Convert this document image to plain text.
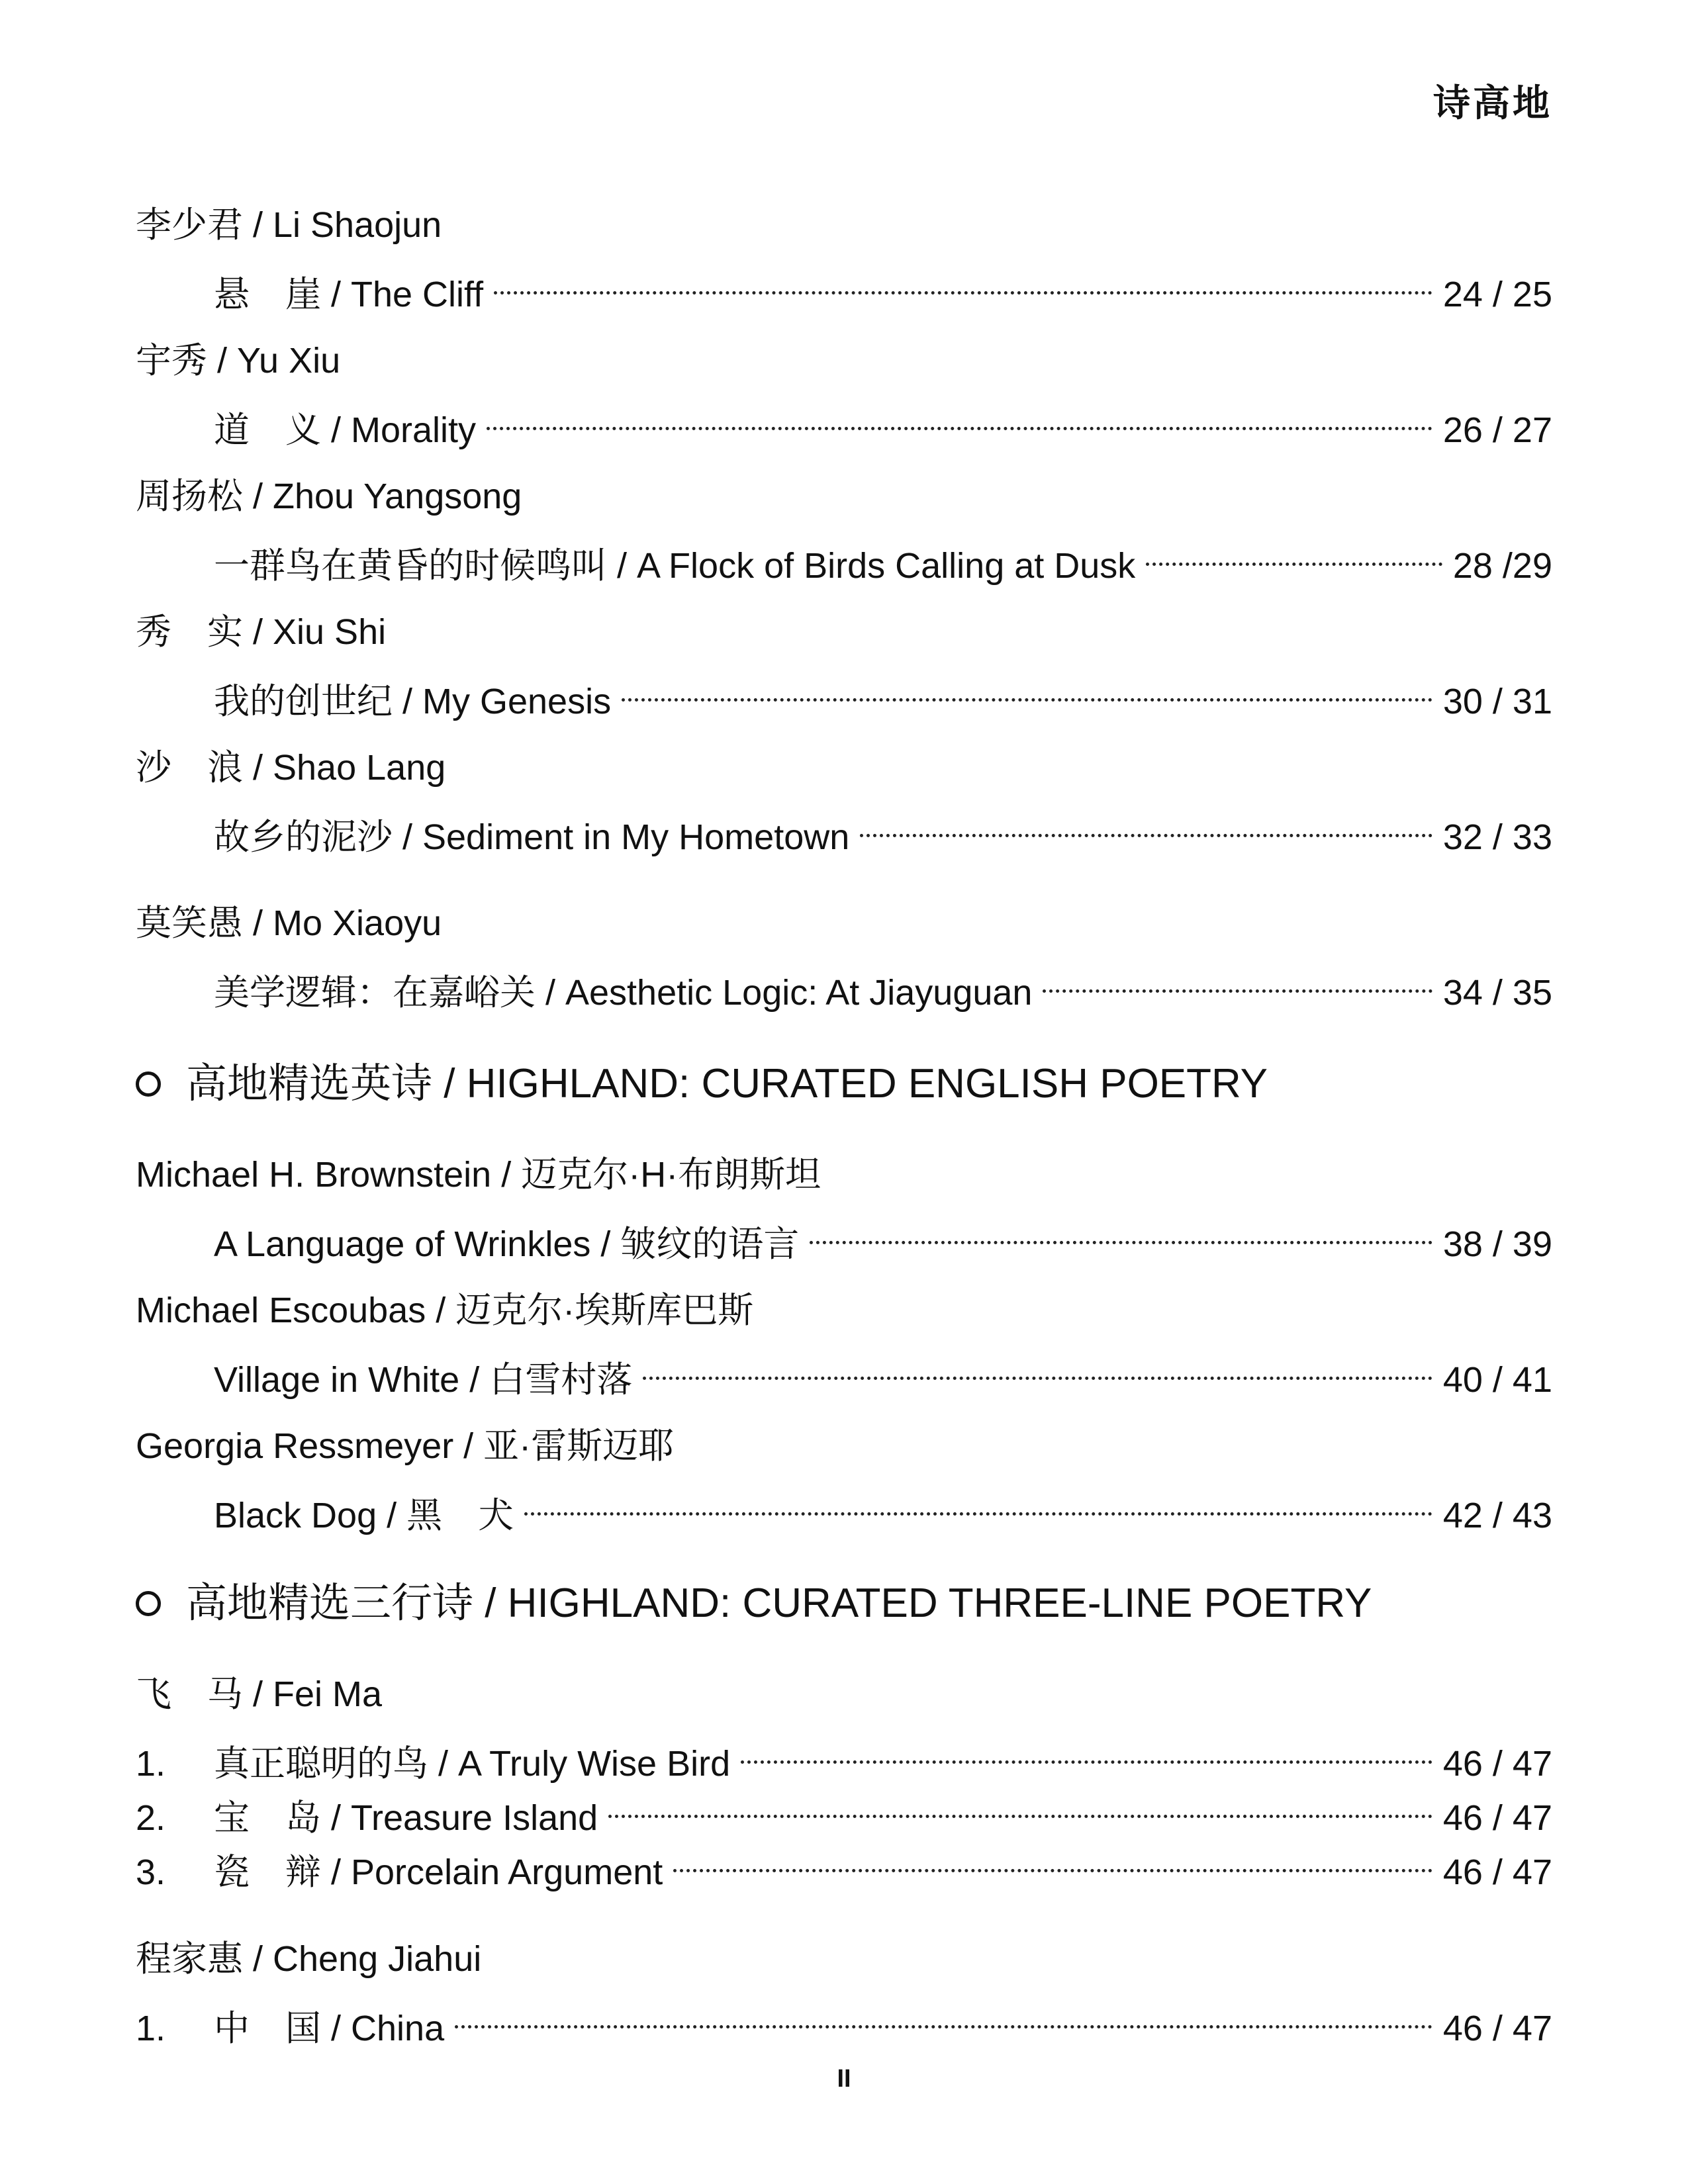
诗高地
李少君 / Li Shaojun
悬　崖 / The Cliff	24 / 25
宇秀 / Yu Xiu
道　义 / Morality	26 / 27
周扬松 / Zhou Yangsong
一群鸟在黄昏的时候鸣叫 / A Flock of Birds Calling at Dusk	28 /29
秀　实 / Xiu Shi
我的创世纪 / My Genesis	30 / 31
沙　浪 / Shao Lang
故乡的泥沙 / Sediment in My Hometown	32 / 33
莫笑愚 / Mo Xiaoyu
美学逻辑：在嘉峪关 / Aesthetic Logic: At Jiayuguan	34 / 35
高地精选英诗 / HIGHLAND: CURATED ENGLISH POETRY
Michael H. Brownstein / 迈克尔·H·布朗斯坦
A Language of Wrinkles / 皱纹的语言	38 / 39
Michael Escoubas / 迈克尔·埃斯库巴斯
Village in White / 白雪村落	40 / 41
Georgia Ressmeyer / 亚·雷斯迈耶
Black Dog / 黑　犬	42 / 43
高地精选三行诗 / HIGHLAND: CURATED THREE-LINE POETRY
飞　马 / Fei Ma
1.	真正聪明的鸟 / A Truly Wise Bird	46 / 47
2.	宝　岛 / Treasure Island	46 / 47
3.	瓷　辩 / Porcelain Argument	46 / 47
程家惠 / Cheng Jiahui
1.	中　国 / China	46 / 47
II
